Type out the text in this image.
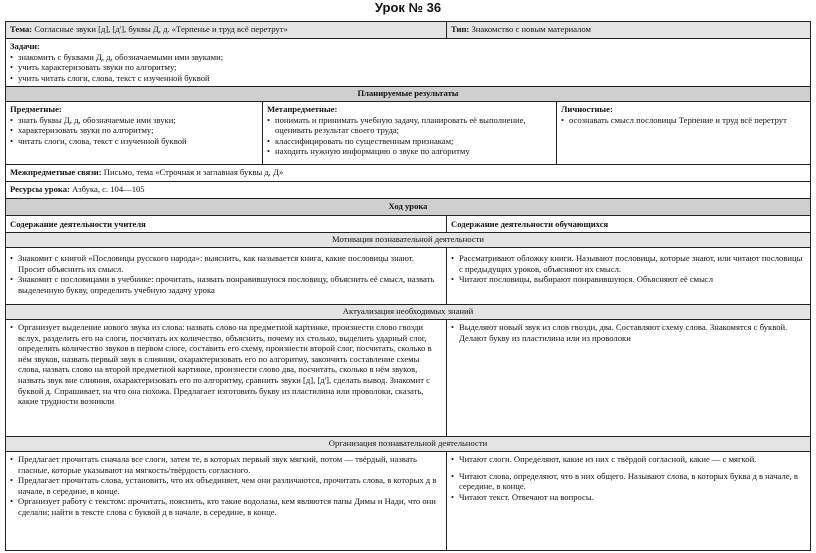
Урок № 36
Тема: Согласные звуки [д], [д'], буквы Д, д. «Терпенье и труд всё перетрут»	Тип: Знакомство с новым материалом
Задачи:
• знакомить с буквами Д, д, обозначаемыми ими звуками;
• учить характеризовать звуки по алгоритму;
• учить читать слоги, слова, текст с изученной буквой
Планируемые результаты
Предметные:
• знать буквы Д, д, обозначаемые ими звуки;
• характеризовать звуки по алгоритму;
• читать слоги, слова, текст с изученной буквой
Метапредметные:
• понимать и принимать учебную задачу, планировать её выполнение, оценивать результат своего труда;
• классифицировать по существенным признакам;
• находить нужную информацию о звуке по алгоритму
Личностные:
• осознавать смысл пословицы Терпение и труд всё перетрут
Межпредметные связи: Письмо, тема «Строчная и заглавная буквы д, Д»
Ресурсы урока: Азбука, с. 104—105
Ход урока
Содержание деятельности учителя	Содержание деятельности обучающихся
Мотивация познавательной деятельности
• Знакомит с книгой «Пословицы русского народа»: выяснить, как называется книга, какие пословицы знают. Просит объяснить их смысл.
• Знакомит с пословицами в учебнике: прочитать, назвать понравившуюся пословицу, объяснить её смысл, назвать выделенную букву, определить учебную задачу урока
• Рассматривают обложку книги. Называют пословицы, которые знают, или читают пословицы с предыдущих уроков, объясняют их смысл.
• Читают пословицы, выбирают понравившуюся. Объясняют её смысл
Актуализация необходимых знаний
• Организует выделение нового звука из слова: назвать слово на предметной картинке, произнести слово гвозди вслух, разделить его на слоги, посчитать их количество, объяснить, почему их столько, выделить ударный слог, определить количество звуков в первом слоге, составить его схему, произнести второй слог, посчитать, сколько в нём звуков, назвать первый звук в слиянии, охарактеризовать его по алгоритму, закончить составление схемы слова, назвать слово на второй предметной картинке, произнести слово два, посчитать, сколько в нём звуков, назвать звук вне слияния, охарактеризовать его по алгоритму, сравнить звуки [д], [д'], сделать вывод. Знакомит с буквой д. Спрашивает, на что она похожа. Предлагает изготовить букву из пластилина или проволоки, сказать, какие трудности возникли
• Выделяют новый звук из слов гвозди, два. Составляют схему слова. Знакомятся с буквой. Делают букву из пластилина или из проволоки
Организация познавательной деятельности
• Предлагает прочитать сначала все слоги, затем те, в которых первый звук мягкий, потом — твёрдый, назвать гласные, которые указывают на мягкость/твёрдость согласного.
• Предлагает прочитать слова, установить, что их объединяет, чем они различаются, прочитать слова, в которых д в начале, в середине, в конце.
• Организует работу с текстом: прочитать, пояснить, кто такие водолазы, кем являются папы Димы и Нади, что они сделали; найти в тексте слова с буквой д в начале, в середине, в конце.
• Читают слоги. Определяют, какие из них с твёрдой согласной, какие — с мягкой.
• Читают слова, определяют, что в них общего. Называют слова, в которых буква д в начале, в середине, в конце.
• Читают текст. Отвечают на вопросы.
